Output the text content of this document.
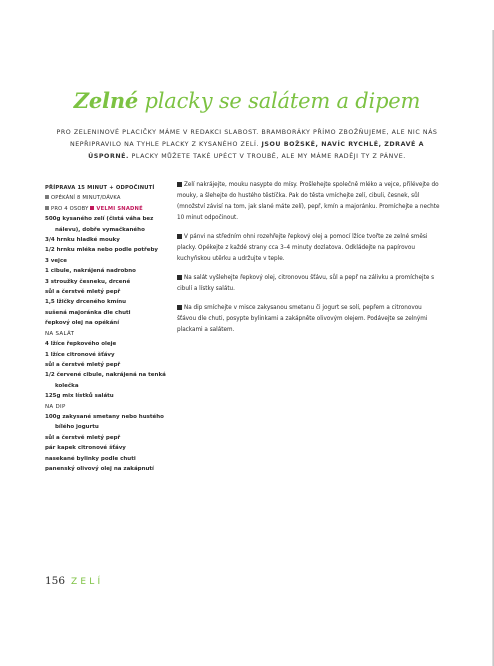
Zelné placky se salátem a dipem
PRO ZELENINOVÉ PLACIČKY MÁME V REDAKCI SLABOST. BRAMBORÁKY PŘÍMO ZBOŽŇUJEME, ALE NIC NÁS NEPŘIPRAVILO NA TYHLE PLACKY Z KYSANÉHO ZELÍ. JSOU BOŽSKÉ, NAVÍC RYCHLÉ, ZDRAVÉ A ÚSPORNÉ. PLACKY MŮŽETE TAKÉ UPÉCT V TROUBĚ, ALE MY MÁME RADĚJI TY Z PÁNVE.
PŘÍPRAVA 15 MINUT + ODPOČINUTÍ
OPÉKÁNÍ 8 MINUT/DÁVKA
PRO 4 OSOBY VELMI SNADNÉ
500g kysaného zelí (čistá váha bez
nálevu), dobře vymačkaného
3/4 hrnku hladké mouky
1/2 hrnku mléka nebo podle potřeby
3 vejce
1 cibule, nakrájená nadrobno
3 stroužky česneku, drcené
sůl a čerstvě mletý pepř
1,5 lžičky drceného kmínu
sušená majoránka dle chuti
řepkový olej na opékání
NA SALÁT
4 lžíce řepkového oleje
1 lžíce citronové šťávy
sůl a čerstvě mletý pepř
1/2 červené cibule, nakrájená na tenká
kolečka
125g mix lístků salátu
NA DIP
100g zakysané smetany nebo hustého
bílého jogurtu
sůl a čerstvě mletý pepř
pár kapek citronové šťávy
nasekané bylinky podle chuti
panenský olivový olej na zakápnutí

Zelí nakrájejte, mouku nasypte do mísy. Prošlehejte společně mléko a vejce, přilévejte do mouky, a šlehejte do hustého těstíčka. Pak do těsta vmíchejte zelí, cibuli, česnek, sůl (množství závisí na tom, jak slané máte zelí), pepř, kmín a majoránku. Promíchejte a nechte 10 minut odpočinout.

V pánvi na středním ohni rozehřejte řepkový olej a pomocí lžíce tvořte ze zelné směsi placky. Opékejte z každé strany cca 3–4 minuty dozlatova. Odkládejte na papírovou kuchyňskou utěrku a udržujte v teple.

Na salát vyšlehejte řepkový olej, citronovou šťávu, sůl a pepř na zálivku a promíchejte s cibulí a lístky salátu.

Na dip smíchejte v misce zakysanou smetanu či jogurt se solí, pepřem a citronovou šťávou dle chuti, posypte bylinkami a zakápněte olivovým olejem. Podávejte se zelnými plackami a salátem.

156 ZELÍ
